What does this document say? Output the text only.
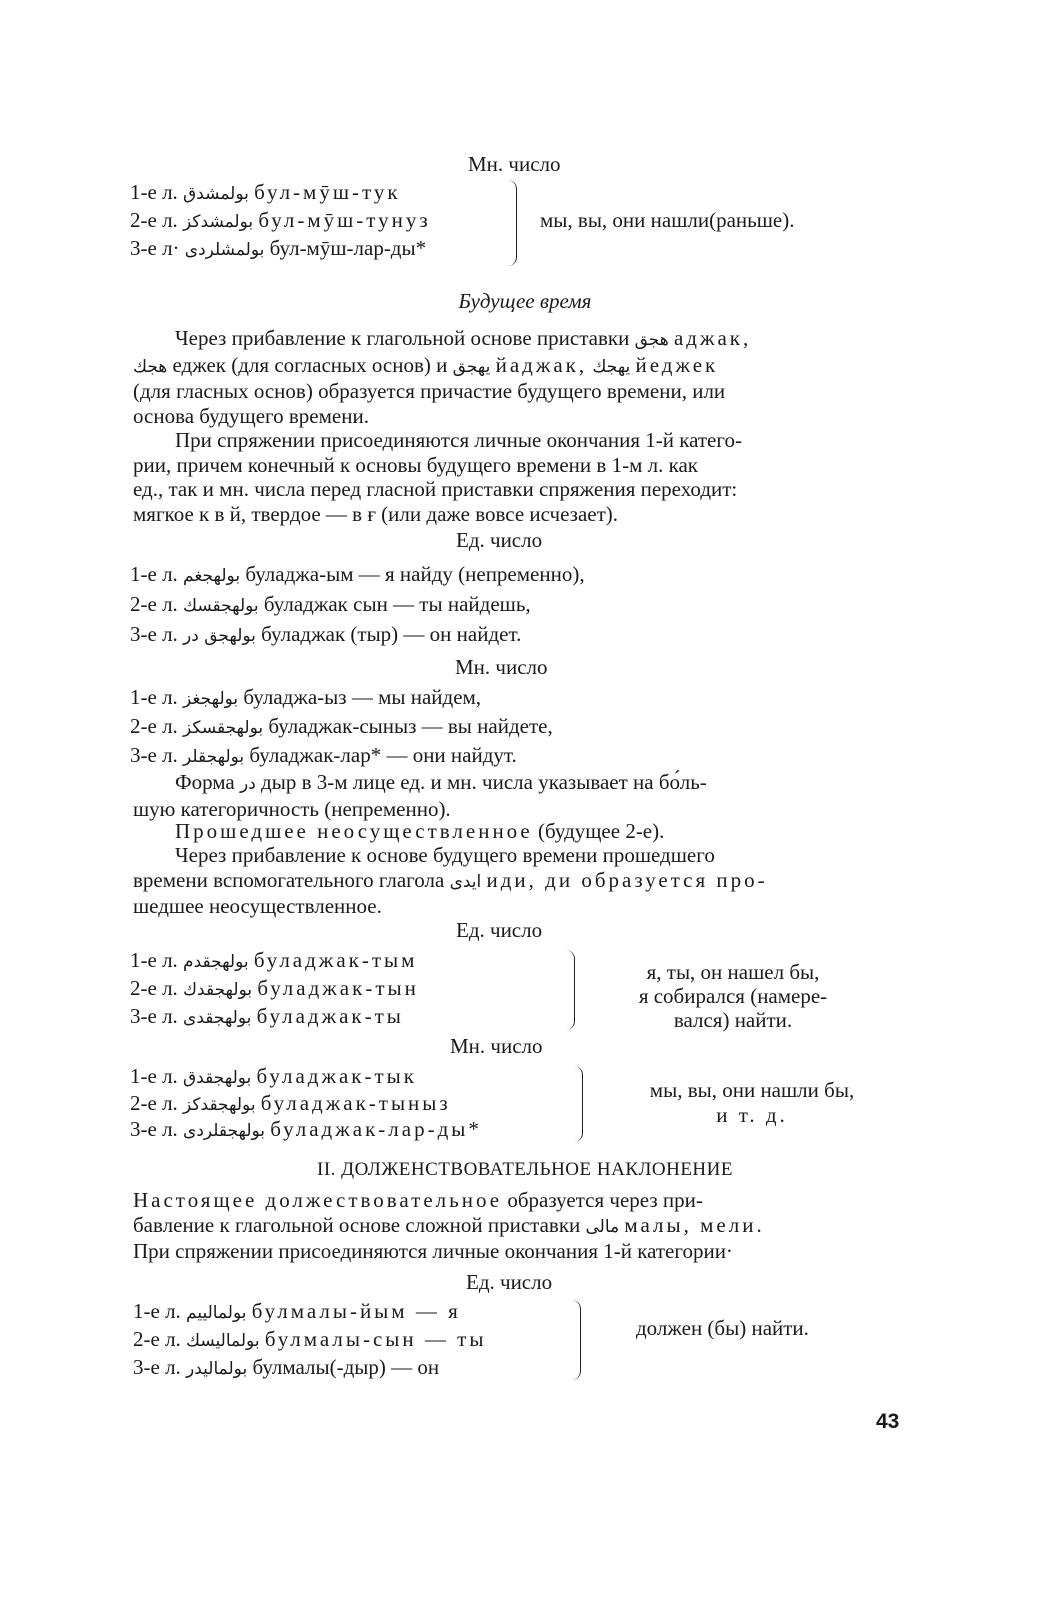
Мн. число
1-е л. بولمشدق бул-мӯш-тук
2-е л. بولمشدکز бул-мӯш-тунуз
3-е л· بولمشلردی бул-мӯш-лар-ды*
мы, вы, они нашли(раньше).
Будущее время
Через прибавление к глагольной основе приставки هجق аджак,
هجك еджек (для согласных основ) и يهجق йаджак, يهجك йеджек
(для гласных основ) образуется причастие будущего времени, или
основа будущего времени.
При спряжении присоединяются личные окончания 1-й катего-
рии, причем конечный к основы будущего времени в 1-м л. как
ед., так и мн. числа перед гласной приставки спряжения переходит:
мягкое к в й, твердое — в ғ (или даже вовсе исчезает).
Ед. число
1-е л. بولهجغم буладжа-ым — я найду (непременно),
2-е л. بولهجقسك буладжак сын — ты найдешь,
3-е л. بولهجق در буладжак (тыр) — он найдет.
Мн. число
1-е л. بولهجغز буладжа-ыз — мы найдем,
2-е л. بولهجقسكز буладжак-сыныз — вы найдете,
3-е л. بولهجقلر буладжак-лар* — они найдут.
Форма در дыр в 3-м лице ед. и мн. числа указывает на бо́ль-
шую категоричность (непременно).
Прошедшее неосуществленное (будущее 2-е).
Через прибавление к основе будущего времени прошедшего
времени вспомогательного глагола ایدی иди, ди образуется про-
шедшее неосуществленное.
Ед. число
1-е л. بولهجقدم буладжак-тым
2-е л. بولهجقدك буладжак-тын
3-е л. بولهجقدی буладжак-ты
я, ты, он нашел бы,
я собирался (намере-
вался) найти.
Мн. число
1-е л. بولهجقدق буладжак-тык
2-е л. بولهجقدكز буладжак-тыныз
3-е л. بولهجقلردی буладжак-лар-ды*
мы, вы, они нашли бы,
и т. д.
II. ДОЛЖЕНСТВОВАТЕЛЬНОЕ НАКЛОНЕНИЕ
Настоящее должествовательное образуется через при-
бавление к глагольной основе сложной приставки مالی малы, мели.
При спряжении присоединяются личные окончания 1-й категории·
Ед. число
1-е л. بولمالییم булмалы-йым — я
2-е л. بولمالیسك булмалы-сын — ты
3-е л. بولمالیدر булмалы(-дыр) — он
должен (бы) найти.
43
